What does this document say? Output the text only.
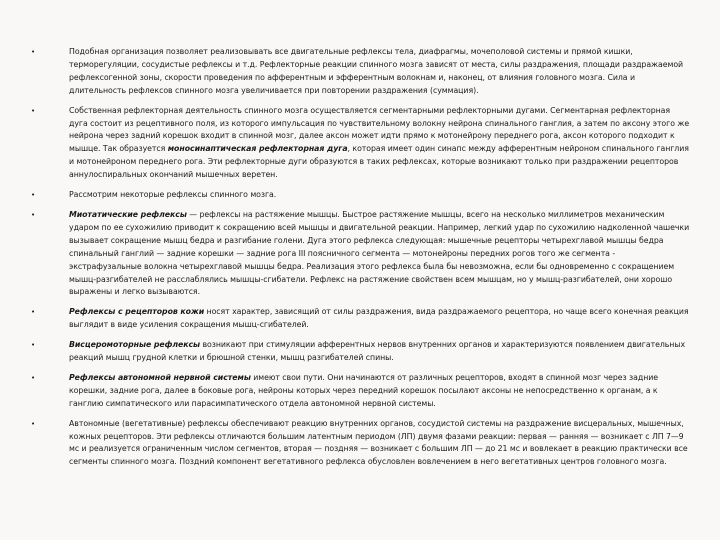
•	Подобная организация позволяет реализовывать все двигательные рефлексы тела, диафрагмы, мочеполовой системы и прямой кишки, терморегуляции, сосудистые рефлексы и т.д. Рефлекторные реакции спинного мозга зависят от места, силы раздражения, площади раздражаемой рефлексогенной зоны, скорости проведения по афферентным и эфферентным волокнам и, наконец, от влияния головного мозга. Сила и длительность рефлексов спинного мозга увеличивается при повторении раздражения (суммация).

•	Собственная рефлекторная деятельность спинного мозга осуществляется сегментарными рефлекторными дугами. Сегментарная рефлекторная дуга состоит из рецептивного поля, из которого импульсация по чувствительному волокну нейрона спинального ганглия, а затем по аксону этого же нейрона через задний корешок входит в спинной мозг, далее аксон может идти прямо к мотонейрону переднего рога, аксон которого подходит к мышце. Так образуется моносинаптическая рефлекторная дуга, которая имеет один синапс между афферентным нейроном спинального ганглия и мотонейроном переднего рога. Эти рефлекторные дуги образуются в таких рефлексах, которые возникают только при раздражении рецепторов аннулоспиральных окончаний мышечных веретен.

•	Рассмотрим некоторые рефлексы спинного мозга.

•	Миотатические рефлексы — рефлексы на растяжение мышцы. Быстрое растяжение мышцы, всего на несколько миллиметров механическим ударом по ее сухожилию приводит к сокращению всей мышцы и двигательной реакции. Например, легкий удар по сухожилию надколенной чашечки вызывает сокращение мышц бедра и разгибание голени. Дуга этого рефлекса следующая: мышечные рецепторы четырехглавой мышцы бедра спинальный ганглий — задние корешки — задние рога III поясничного сегмента — мотонейроны передних рогов того же сегмента - экстрафузальные волокна четырехглавой мышцы бедра. Реализация этого рефлекса была бы невозможна, если бы одновременно с сокращением мышц-разгибателей не расслаблялись мышцы-сгибатели. Рефлекс на растяжение свойствен всем мышцам, но у мышц-разгибателей, они хорошо выражены и легко вызываются.

•	Рефлексы с рецепторов кожи носят характер, зависящий от силы раздражения, вида раздражаемого рецептора, но чаще всего конечная реакция выглядит в виде усиления сокращения мышц-сгибателей.

•	Висцеромоторные рефлексы возникают при стимуляции афферентных нервов внутренних органов и характеризуются появлением двигательных реакций мышц грудной клетки и брюшной стенки, мышц разгибателей спины.

•	Рефлексы автономной нервной системы имеют свои пути. Они начинаются от различных рецепторов, входят в спинной мозг через задние корешки, задние рога, далее в боковые рога, нейроны которых через передний корешок посылают аксоны не непосредственно к органам, а к ганглию симпатического или парасимпатического отдела автономной нервной системы.

•	Автономные (вегетативные) рефлексы обеспечивают реакцию внутренних органов, сосудистой системы на раздражение висцеральных, мышечных, кожных рецепторов. Эти рефлексы отличаются большим латентным периодом (ЛП) двумя фазами реакции: первая — ранняя — возникает с ЛП 7—9 мс и реализуется ограниченным числом сегментов, вторая — поздняя — возникает с большим ЛП — до 21 мс и вовлекает в реакцию практически все сегменты спинного мозга. Поздний компонент вегетативного рефлекса обусловлен вовлечением в него вегетативных центров головного мозга.
